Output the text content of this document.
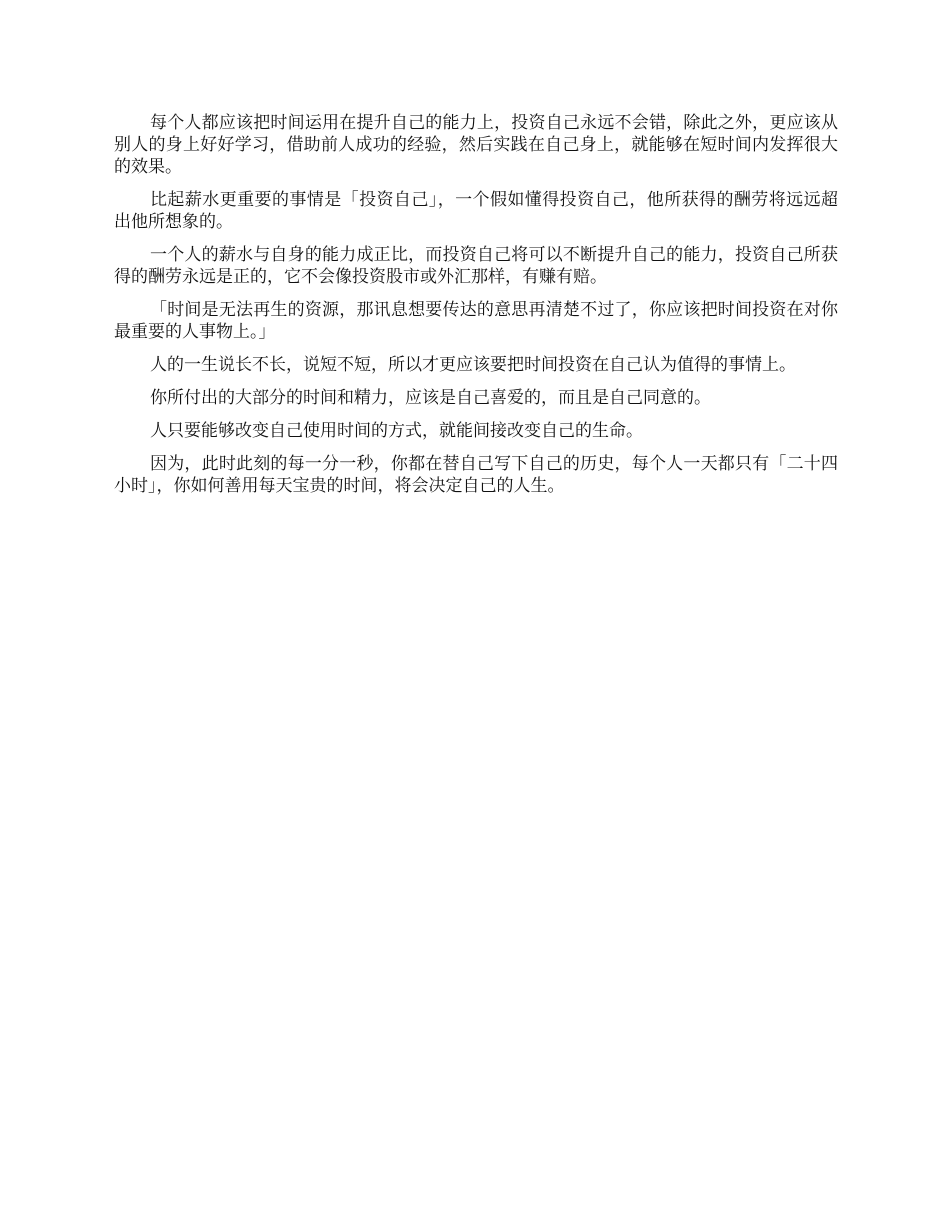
每个人都应该把时间运用在提升自己的能力上，投资自己永远不会错，除此之外，更应该从别人的身上好好学习，借助前人成功的经验，然后实践在自己身上，就能够在短时间内发挥很大的效果。

比起薪水更重要的事情是「投资自己」，一个假如懂得投资自己，他所获得的酬劳将远远超出他所想象的。

一个人的薪水与自身的能力成正比，而投资自己将可以不断提升自己的能力，投资自己所获得的酬劳永远是正的，它不会像投资股市或外汇那样，有赚有赔。

「时间是无法再生的资源，那讯息想要传达的意思再清楚不过了，你应该把时间投资在对你最重要的人事物上。」

人的一生说长不长，说短不短，所以才更应该要把时间投资在自己认为值得的事情上。

你所付出的大部分的时间和精力，应该是自己喜爱的，而且是自己同意的。

人只要能够改变自己使用时间的方式，就能间接改变自己的生命。

因为，此时此刻的每一分一秒，你都在替自己写下自己的历史，每个人一天都只有「二十四小时」，你如何善用每天宝贵的时间，将会决定自己的人生。
